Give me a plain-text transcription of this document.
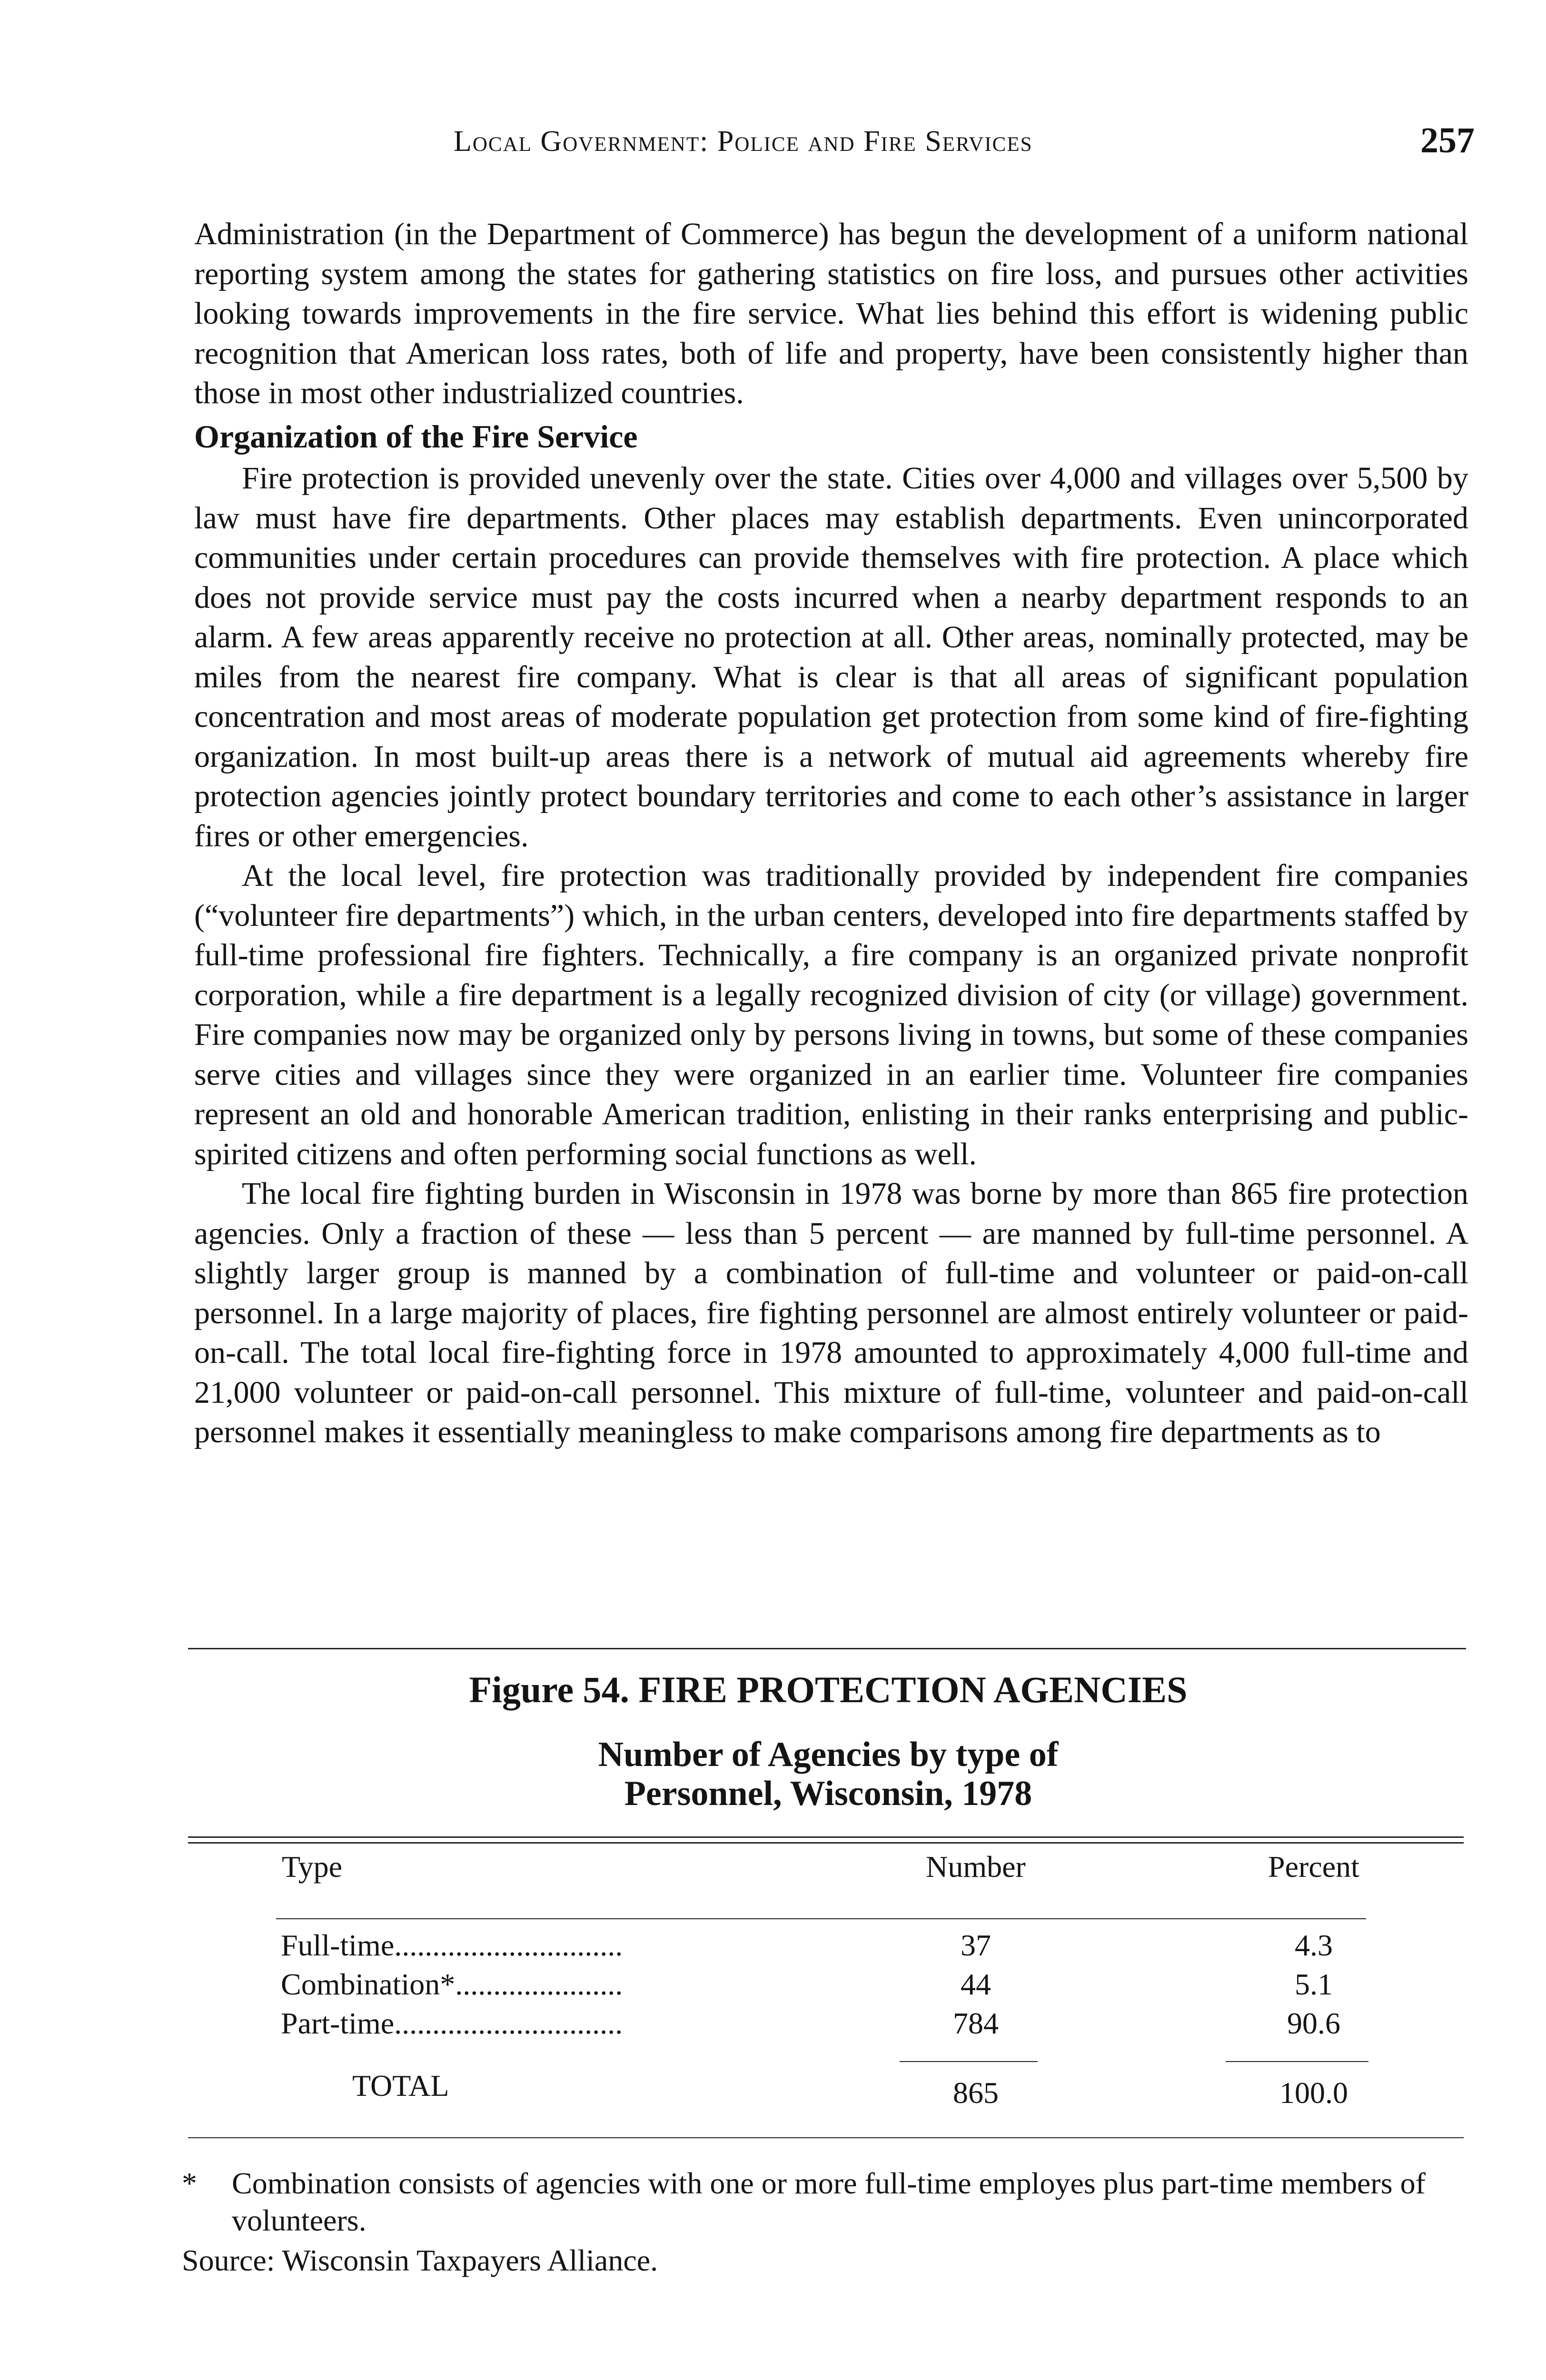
Local Government: Police and Fire Services	257

Administration (in the Department of Commerce) has begun the development of a uniform national reporting system among the states for gathering statistics on fire loss, and pursues other activities looking towards improvements in the fire service. What lies behind this effort is widening public recognition that American loss rates, both of life and property, have been consistently higher than those in most other industrialized countries.

Organization of the Fire Service

Fire protection is provided unevenly over the state. Cities over 4,000 and villages over 5,500 by law must have fire departments. Other places may establish departments. Even unincorporated communities under certain procedures can provide themselves with fire protection. A place which does not provide service must pay the costs incurred when a nearby department responds to an alarm. A few areas apparently receive no protection at all. Other areas, nominally protected, may be miles from the nearest fire company. What is clear is that all areas of significant population concentration and most areas of moderate population get protection from some kind of fire-fighting organization. In most built-up areas there is a network of mutual aid agreements whereby fire protection agencies jointly protect boundary territories and come to each other’s assistance in larger fires or other emergencies.

At the local level, fire protection was traditionally provided by independent fire companies (“volunteer fire departments”) which, in the urban centers, developed into fire departments staffed by full-time professional fire fighters. Technically, a fire company is an organized private nonprofit corporation, while a fire department is a legally recognized division of city (or village) government. Fire companies now may be organized only by persons living in towns, but some of these companies serve cities and villages since they were organized in an earlier time. Volunteer fire companies represent an old and honorable American tradition, enlisting in their ranks enterprising and public-spirited citizens and often performing social functions as well.

The local fire fighting burden in Wisconsin in 1978 was borne by more than 865 fire protection agencies. Only a fraction of these — less than 5 percent — are manned by full-time personnel. A slightly larger group is manned by a combination of full-time and volunteer or paid-on-call personnel. In a large majority of places, fire fighting personnel are almost entirely volunteer or paid-on-call. The total local fire-fighting force in 1978 amounted to approximately 4,000 full-time and 21,000 volunteer or paid-on-call personnel. This mixture of full-time, volunteer and paid-on-call personnel makes it essentially meaningless to make comparisons among fire departments as to

Figure 54. FIRE PROTECTION AGENCIES
Number of Agencies by type of
Personnel, Wisconsin, 1978
Type	Number	Percent
Full-time..............................	37	4.3
Combination*......................	44	5.1
Part-time..............................	784	90.6
TOTAL	865	100.0
* Combination consists of agencies with one or more full-time employes plus part-time members of volunteers.
Source: Wisconsin Taxpayers Alliance.
